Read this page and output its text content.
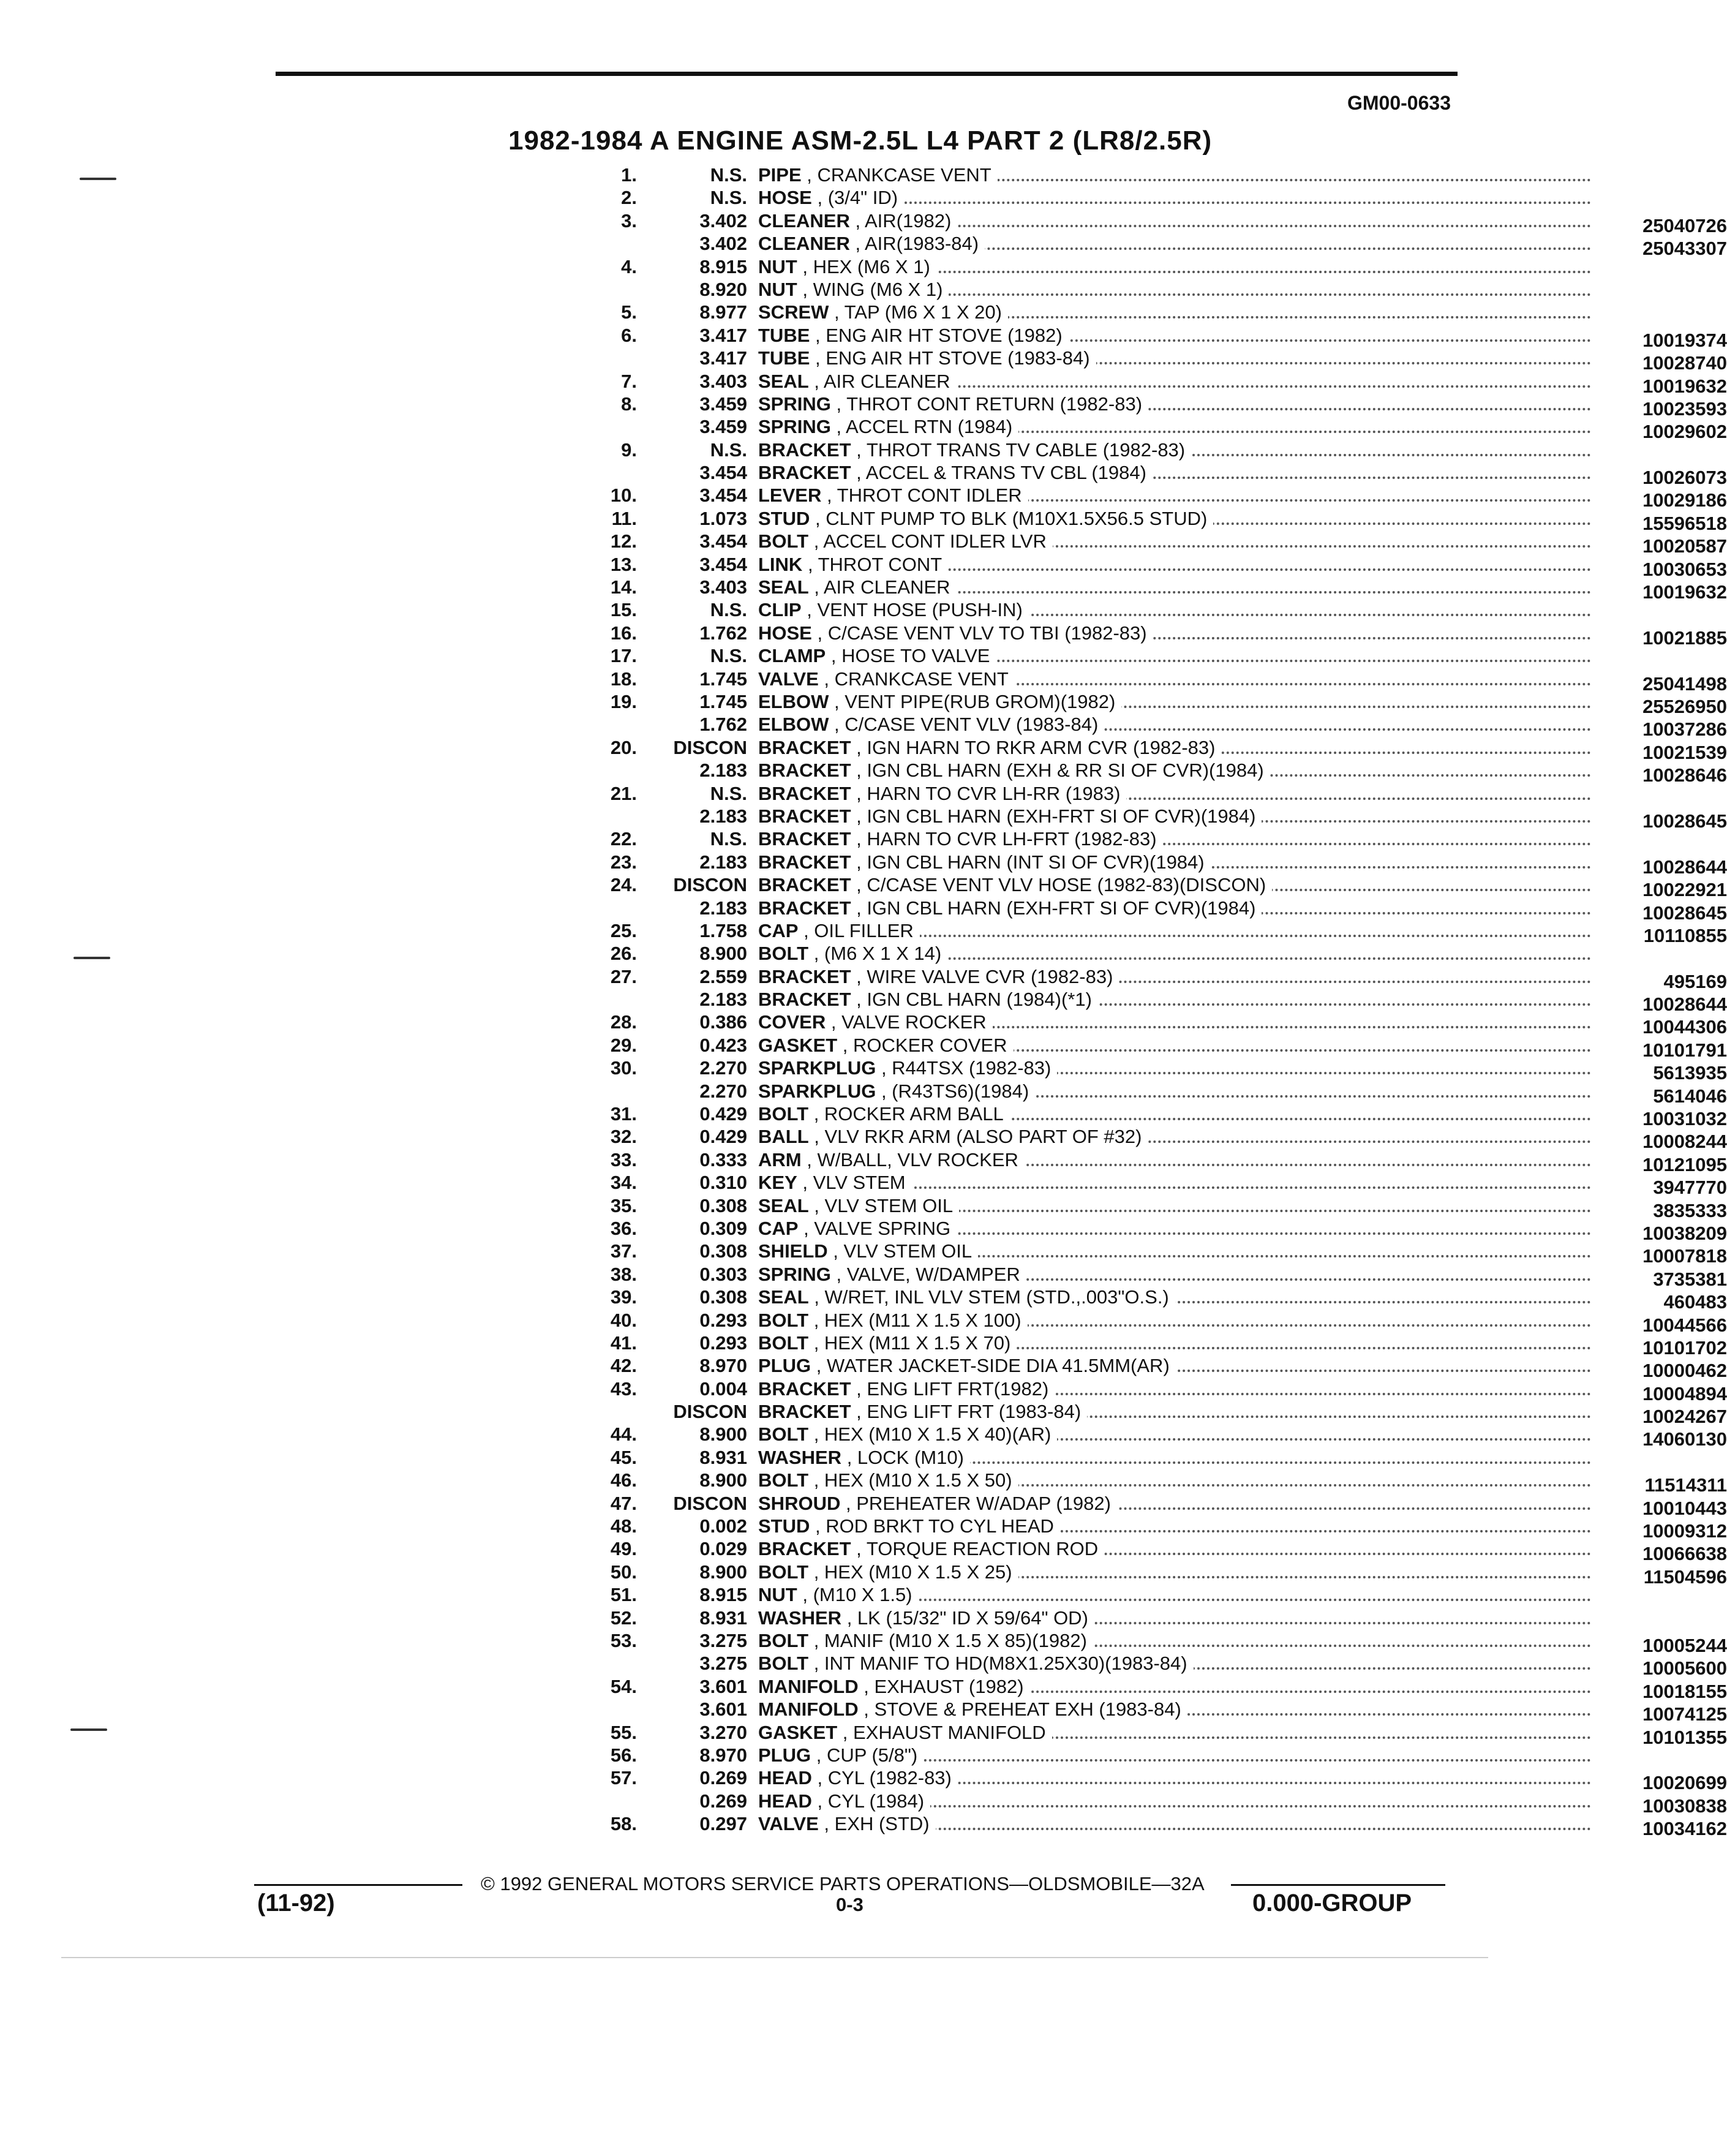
GM00-0633
1982-1984 A ENGINE ASM-2.5L L4 PART 2 (LR8/2.5R)
1.	N.S. PIPE , CRANKCASE VENT
2.	N.S. HOSE , (3/4" ID)
3.	3.402 CLEANER , AIR(1982)	25040726
3.402 CLEANER , AIR(1983-84)	25043307
4.	8.915 NUT , HEX (M6 X 1)
8.920 NUT , WING (M6 X 1)
5.	8.977 SCREW , TAP (M6 X 1 X 20)
6.	3.417 TUBE , ENG AIR HT STOVE (1982)	10019374
3.417 TUBE , ENG AIR HT STOVE (1983-84)	10028740
7.	3.403 SEAL , AIR CLEANER	10019632
8.	3.459 SPRING , THROT CONT RETURN (1982-83)	10023593
3.459 SPRING , ACCEL RTN (1984)	10029602
9.	N.S. BRACKET , THROT TRANS TV CABLE (1982-83)
3.454 BRACKET , ACCEL & TRANS TV CBL (1984)	10026073
10.	3.454 LEVER , THROT CONT IDLER	10029186
11.	1.073 STUD , CLNT PUMP TO BLK (M10X1.5X56.5 STUD)	15596518
12.	3.454 BOLT , ACCEL CONT IDLER LVR	10020587
13.	3.454 LINK , THROT CONT	10030653
14.	3.403 SEAL , AIR CLEANER	10019632
15.	N.S. CLIP , VENT HOSE (PUSH-IN)
16.	1.762 HOSE , C/CASE VENT VLV TO TBI (1982-83)	10021885
17.	N.S. CLAMP , HOSE TO VALVE
18.	1.745 VALVE , CRANKCASE VENT	25041498
19.	1.745 ELBOW , VENT PIPE(RUB GROM)(1982)	25526950
1.762 ELBOW , C/CASE VENT VLV (1983-84)	10037286
20. DISCON BRACKET , IGN HARN TO RKR ARM CVR (1982-83)	10021539
2.183 BRACKET , IGN CBL HARN (EXH & RR SI OF CVR)(1984)	10028646
21.	N.S. BRACKET , HARN TO CVR LH-RR (1983)
2.183 BRACKET , IGN CBL HARN (EXH-FRT SI OF CVR)(1984)	10028645
22.	N.S. BRACKET , HARN TO CVR LH-FRT (1982-83)
23.	2.183 BRACKET , IGN CBL HARN (INT SI OF CVR)(1984)	10028644
24. DISCON BRACKET , C/CASE VENT VLV HOSE (1982-83)(DISCON)	10022921
2.183 BRACKET , IGN CBL HARN (EXH-FRT SI OF CVR)(1984)	10028645
25.	1.758 CAP , OIL FILLER	10110855
26.	8.900 BOLT , (M6 X 1 X 14)
27.	2.559 BRACKET , WIRE VALVE CVR (1982-83)	495169
2.183 BRACKET , IGN CBL HARN (1984)(*1)	10028644
28.	0.386 COVER , VALVE ROCKER	10044306
29.	0.423 GASKET , ROCKER COVER	10101791
30.	2.270 SPARKPLUG , R44TSX (1982-83)	5613935
2.270 SPARKPLUG , (R43TS6)(1984)	5614046
31.	0.429 BOLT , ROCKER ARM BALL	10031032
32.	0.429 BALL , VLV RKR ARM (ALSO PART OF #32)	10008244
33.	0.333 ARM , W/BALL, VLV ROCKER	10121095
34.	0.310 KEY , VLV STEM	3947770
35.	0.308 SEAL , VLV STEM OIL	3835333
36.	0.309 CAP , VALVE SPRING	10038209
37.	0.308 SHIELD , VLV STEM OIL	10007818
38.	0.303 SPRING , VALVE, W/DAMPER	3735381
39.	0.308 SEAL , W/RET, INL VLV STEM (STD.,.003"O.S.)	460483
40.	0.293 BOLT , HEX (M11 X 1.5 X 100)	10044566
41.	0.293 BOLT , HEX (M11 X 1.5 X 70)	10101702
42.	8.970 PLUG , WATER JACKET-SIDE DIA 41.5MM(AR)	10000462
43.	0.004 BRACKET , ENG LIFT FRT(1982)	10004894
DISCON BRACKET , ENG LIFT FRT (1983-84)	10024267
44.	8.900 BOLT , HEX (M10 X 1.5 X 40)(AR)	14060130
45.	8.931 WASHER , LOCK (M10)
46.	8.900 BOLT , HEX (M10 X 1.5 X 50)	11514311
47. DISCON SHROUD , PREHEATER W/ADAP (1982)	10010443
48.	0.002 STUD , ROD BRKT TO CYL HEAD	10009312
49.	0.029 BRACKET , TORQUE REACTION ROD	10066638
50.	8.900 BOLT , HEX (M10 X 1.5 X 25)	11504596
51.	8.915 NUT , (M10 X 1.5)
52.	8.931 WASHER , LK (15/32" ID X 59/64" OD)
53.	3.275 BOLT , MANIF (M10 X 1.5 X 85)(1982)	10005244
3.275 BOLT , INT MANIF TO HD(M8X1.25X30)(1983-84)	10005600
54.	3.601 MANIFOLD , EXHAUST (1982)	10018155
3.601 MANIFOLD , STOVE & PREHEAT EXH (1983-84)	10074125
55.	3.270 GASKET , EXHAUST MANIFOLD	10101355
56.	8.970 PLUG , CUP (5/8")
57.	0.269 HEAD , CYL (1982-83)	10020699
0.269 HEAD , CYL (1984)	10030838
58.	0.297 VALVE , EXH (STD)	10034162
© 1992 GENERAL MOTORS SERVICE PARTS OPERATIONS—OLDSMOBILE—32A
(11-92)	0-3	0.000-GROUP
